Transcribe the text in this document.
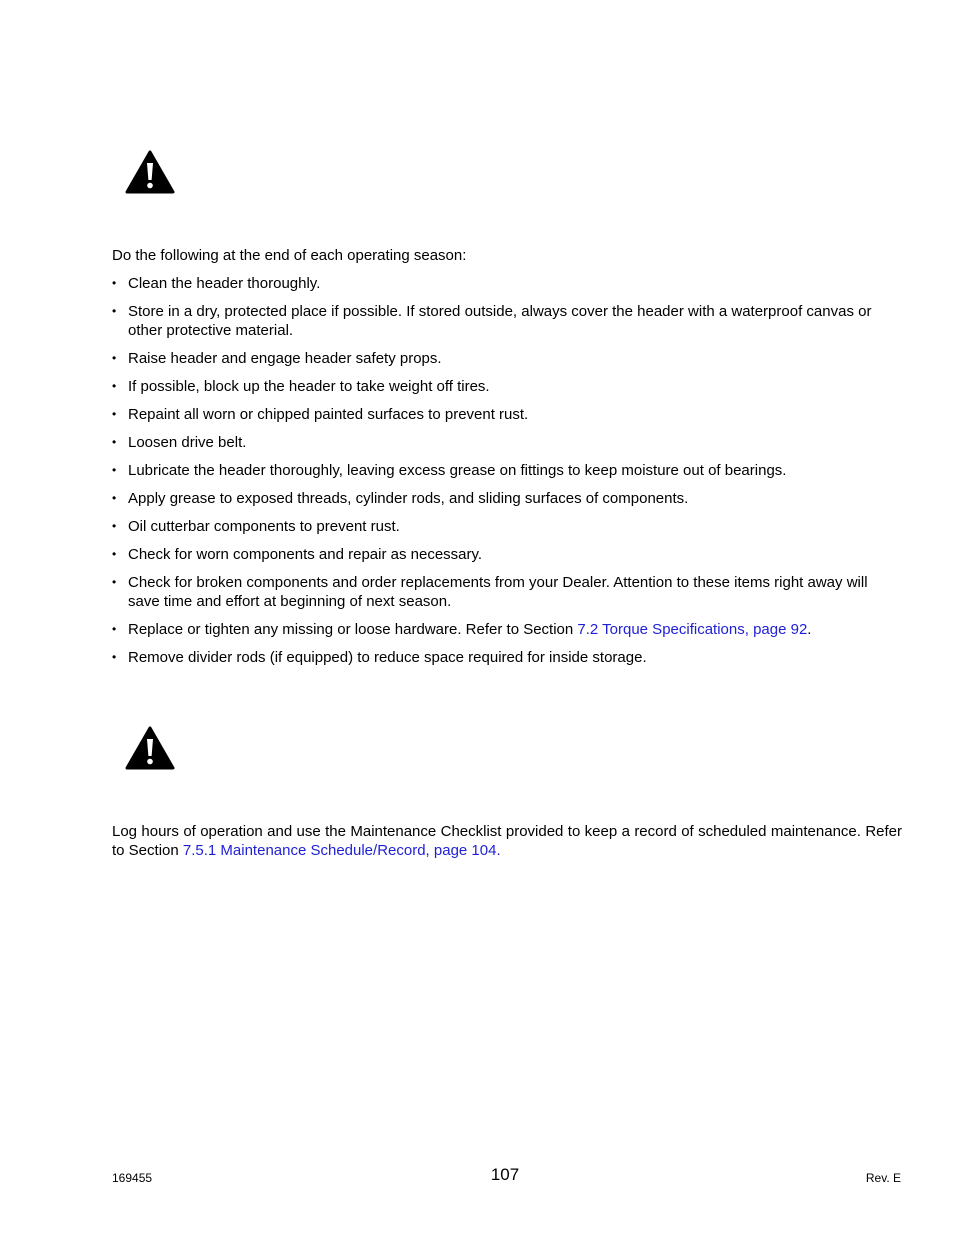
Do the following at the end of each operating season:

• Clean the header thoroughly.
• Store in a dry, protected place if possible. If stored outside, always cover the header with a waterproof canvas or other protective material.
• Raise header and engage header safety props.
• If possible, block up the header to take weight off tires.
• Repaint all worn or chipped painted surfaces to prevent rust.
• Loosen drive belt.
• Lubricate the header thoroughly, leaving excess grease on fittings to keep moisture out of bearings.
• Apply grease to exposed threads, cylinder rods, and sliding surfaces of components.
• Oil cutterbar components to prevent rust.
• Check for worn components and repair as necessary.
• Check for broken components and order replacements from your Dealer. Attention to these items right away will save time and effort at beginning of next season.
• Replace or tighten any missing or loose hardware. Refer to Section 7.2 Torque Specifications, page 92.
• Remove divider rods (if equipped) to reduce space required for inside storage.

Log hours of operation and use the Maintenance Checklist provided to keep a record of scheduled maintenance. Refer to Section 7.5.1 Maintenance Schedule/Record, page 104.

169455	107	Rev. E
